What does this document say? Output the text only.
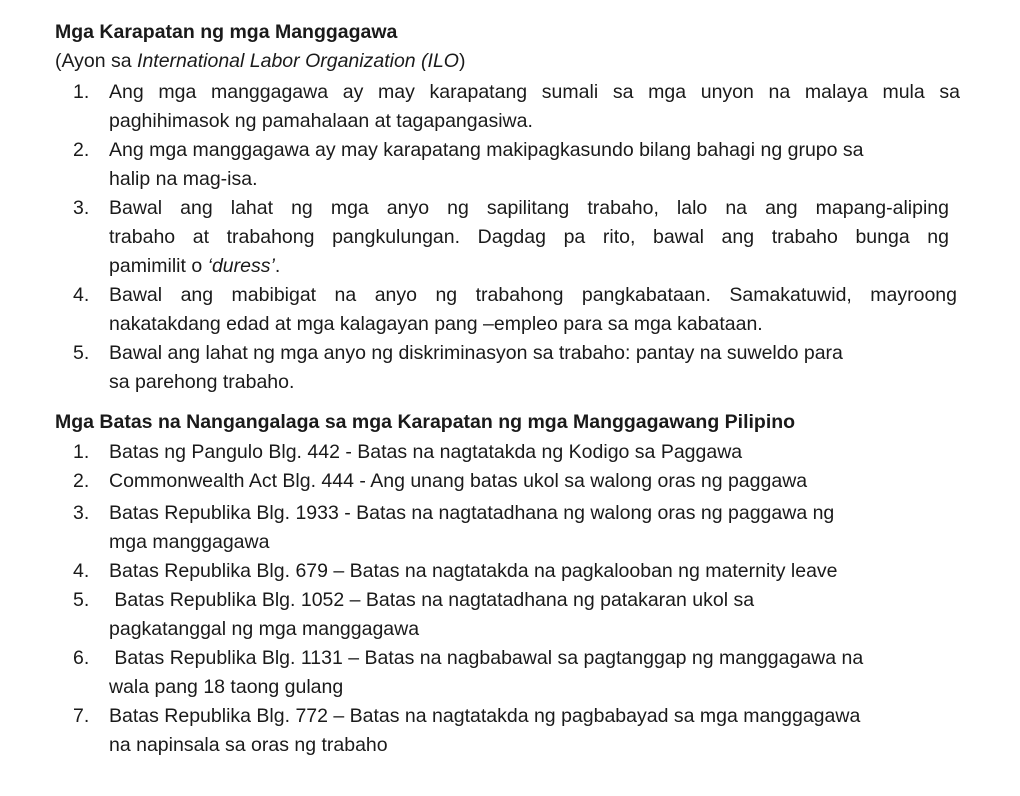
Mga Karapatan ng mga Manggagawa

(Ayon sa International Labor Organization (ILO)

1. Ang mga manggagawa ay may karapatang sumali sa mga unyon na malaya mula sa
paghihimasok ng pamahalaan at tagapangasiwa.
2. Ang mga manggagawa ay may karapatang makipagkasundo bilang bahagi ng grupo sa
halip na mag-isa.
3. Bawal ang lahat ng mga anyo ng sapilitang trabaho, lalo na ang mapang-aliping
trabaho at trabahong pangkulungan. Dagdag pa rito, bawal ang trabaho bunga ng
pamimilit o ‘duress’.
4. Bawal ang mabibigat na anyo ng trabahong pangkabataan. Samakatuwid, mayroong
nakatakdang edad at mga kalagayan pang –empleo para sa mga kabataan.
5. Bawal ang lahat ng mga anyo ng diskriminasyon sa trabaho: pantay na suweldo para
sa parehong trabaho.

Mga Batas na Nangangalaga sa mga Karapatan ng mga Manggagawang Pilipino

1. Batas ng Pangulo Blg. 442 - Batas na nagtatakda ng Kodigo sa Paggawa
2. Commonwealth Act Blg. 444 - Ang unang batas ukol sa walong oras ng paggawa
3. Batas Republika Blg. 1933 - Batas na nagtatadhana ng walong oras ng paggawa ng
mga manggagawa
4. Batas Republika Blg. 679 – Batas na nagtatakda na pagkalooban ng maternity leave
5. Batas Republika Blg. 1052 – Batas na nagtatadhana ng patakaran ukol sa
pagkatanggal ng mga manggagawa
6. Batas Republika Blg. 1131 – Batas na nagbabawal sa pagtanggap ng manggagawa na
wala pang 18 taong gulang
7. Batas Republika Blg. 772 – Batas na nagtatakda ng pagbabayad sa mga manggagawa
na napinsala sa oras ng trabaho
